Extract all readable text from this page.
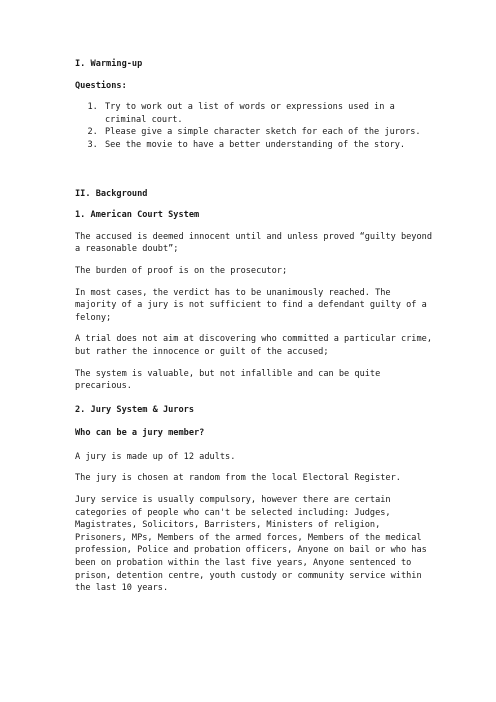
I. Warming-up
Questions:
1. Try to work out a list of words or expressions used in a criminal court.
2. Please give a simple character sketch for each of the jurors.
3. See the movie to have a better understanding of the story.
II. Background
1. American Court System

The accused is deemed innocent until and unless proved “guilty beyond a reasonable doubt”;

The burden of proof is on the prosecutor;

In most cases, the verdict has to be unanimously reached. The majority of a jury is not sufficient to find a defendant guilty of a felony;

A trial does not aim at discovering who committed a particular crime, but rather the innocence or guilt of the accused;

The system is valuable, but not infallible and can be quite precarious.

2. Jury System & Jurors
Who can be a jury member?

A jury is made up of 12 adults.

The jury is chosen at random from the local Electoral Register.

Jury service is usually compulsory, however there are certain categories of people who can't be selected including: Judges, Magistrates, Solicitors, Barristers, Ministers of religion, Prisoners, MPs, Members of the armed forces, Members of the medical profession, Police and probation officers, Anyone on bail or who has been on probation within the last five years, Anyone sentenced to prison, detention centre, youth custody or community service within the last 10 years.
